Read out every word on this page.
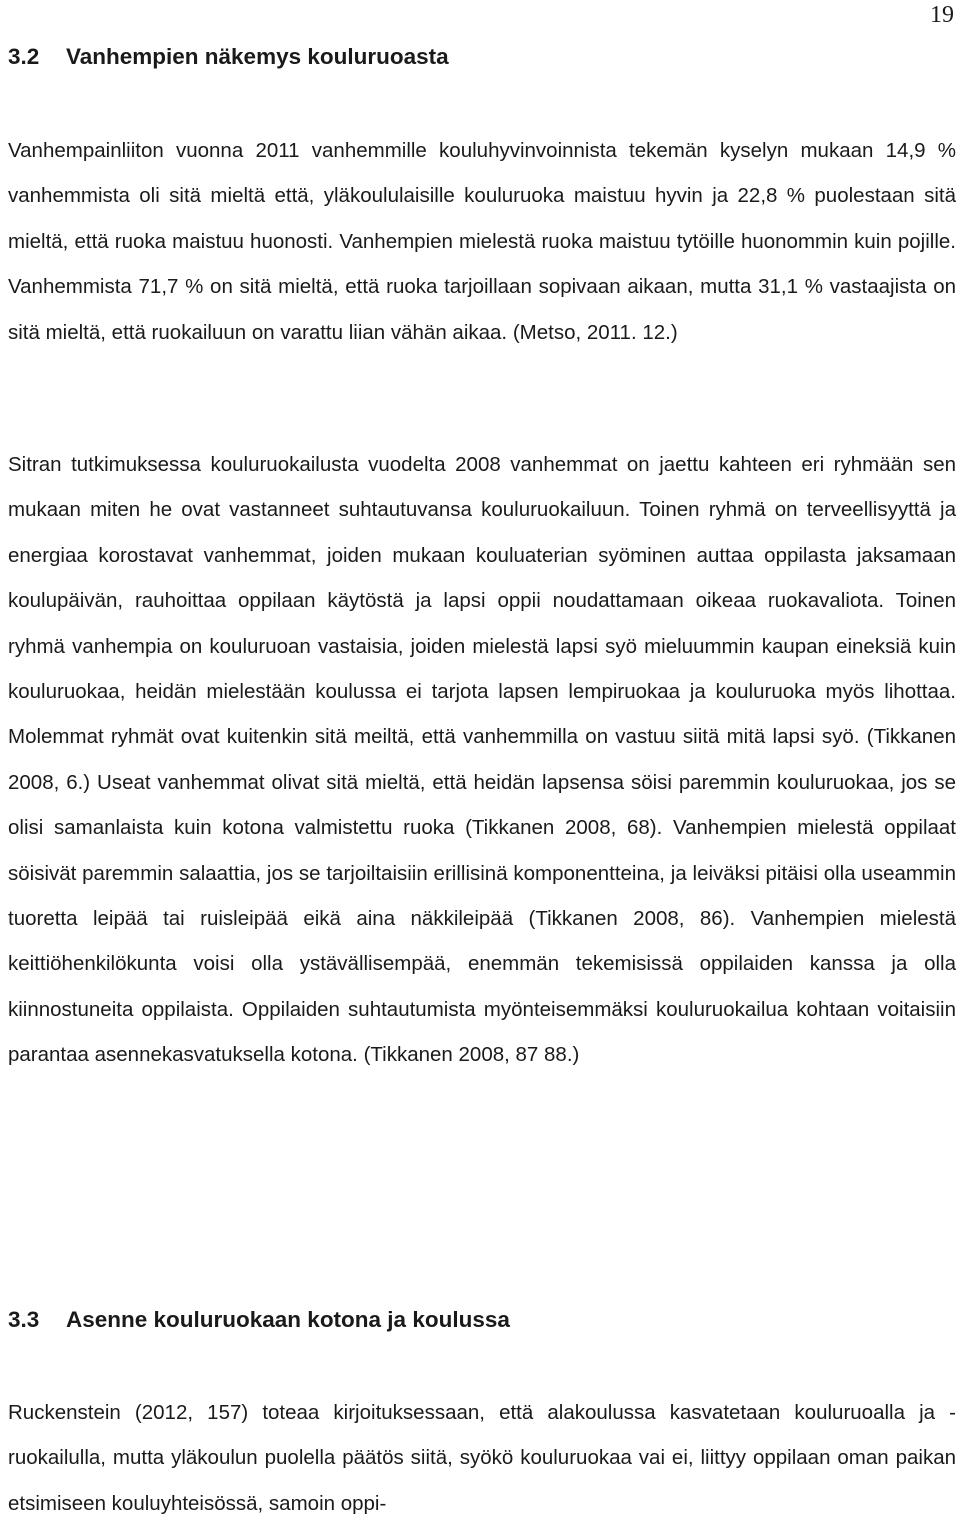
19
3.2 Vanhempien näkemys kouluruoasta

Vanhempainliiton vuonna 2011 vanhemmille kouluhyvinvoinnista tekemän kyselyn mukaan 14,9 % vanhemmista oli sitä mieltä että, yläkoululaisille kouluruoka maistuu hyvin ja 22,8 % puolestaan sitä mieltä, että ruoka maistuu huonosti. Vanhempien mielestä ruoka maistuu tytöille huonommin kuin pojille. Vanhemmista 71,7 % on sitä mieltä, että ruoka tarjoillaan sopivaan aikaan, mutta 31,1 % vastaajista on sitä mieltä, että ruokailuun on varattu liian vähän aikaa. (Metso, 2011. 12.)

Sitran tutkimuksessa kouluruokailusta vuodelta 2008 vanhemmat on jaettu kahteen eri ryhmään sen mukaan miten he ovat vastanneet suhtautuvansa kouluruokailuun. Toinen ryhmä on terveellisyyttä ja energiaa korostavat vanhemmat, joiden mukaan kouluaterian syöminen auttaa oppilasta jaksamaan koulupäivän, rauhoittaa oppilaan käytöstä ja lapsi oppii noudattamaan oikeaa ruokavaliota. Toinen ryhmä vanhempia on kouluruoan vastaisia, joiden mielestä lapsi syö mieluummin kaupan eineksiä kuin kouluruokaa, heidän mielestään koulussa ei tarjota lapsen lempiruokaa ja kouluruoka myös lihottaa. Molemmat ryhmät ovat kuitenkin sitä meiltä, että vanhemmilla on vastuu siitä mitä lapsi syö. (Tikkanen 2008, 6.) Useat vanhemmat olivat sitä mieltä, että heidän lapsensa söisi paremmin kouluruokaa, jos se olisi samanlaista kuin kotona valmistettu ruoka (Tikkanen 2008, 68). Vanhempien mielestä oppilaat söisivät paremmin salaattia, jos se tarjoiltaisiin erillisinä komponentteina, ja leiväksi pitäisi olla useammin tuoretta leipää tai ruisleipää eikä aina näkkileipää (Tikkanen 2008, 86). Vanhempien mielestä keittiöhenkilökunta voisi olla ystävällisempää, enemmän tekemisissä oppilaiden kanssa ja olla kiinnostuneita oppilaista. Oppilaiden suhtautumista myönteisemmäksi kouluruokailua kohtaan voitaisiin parantaa asennekasvatuksella kotona. (Tikkanen 2008, 87 88.)

3.3 Asenne kouluruokaan kotona ja koulussa

Ruckenstein (2012, 157) toteaa kirjoituksessaan, että alakoulussa kasvatetaan kouluruoalla ja -ruokailulla, mutta yläkoulun puolella päätös siitä, syökö kouluruokaa vai ei, liittyy oppilaan oman paikan etsimiseen kouluyhteisössä, samoin oppi-
